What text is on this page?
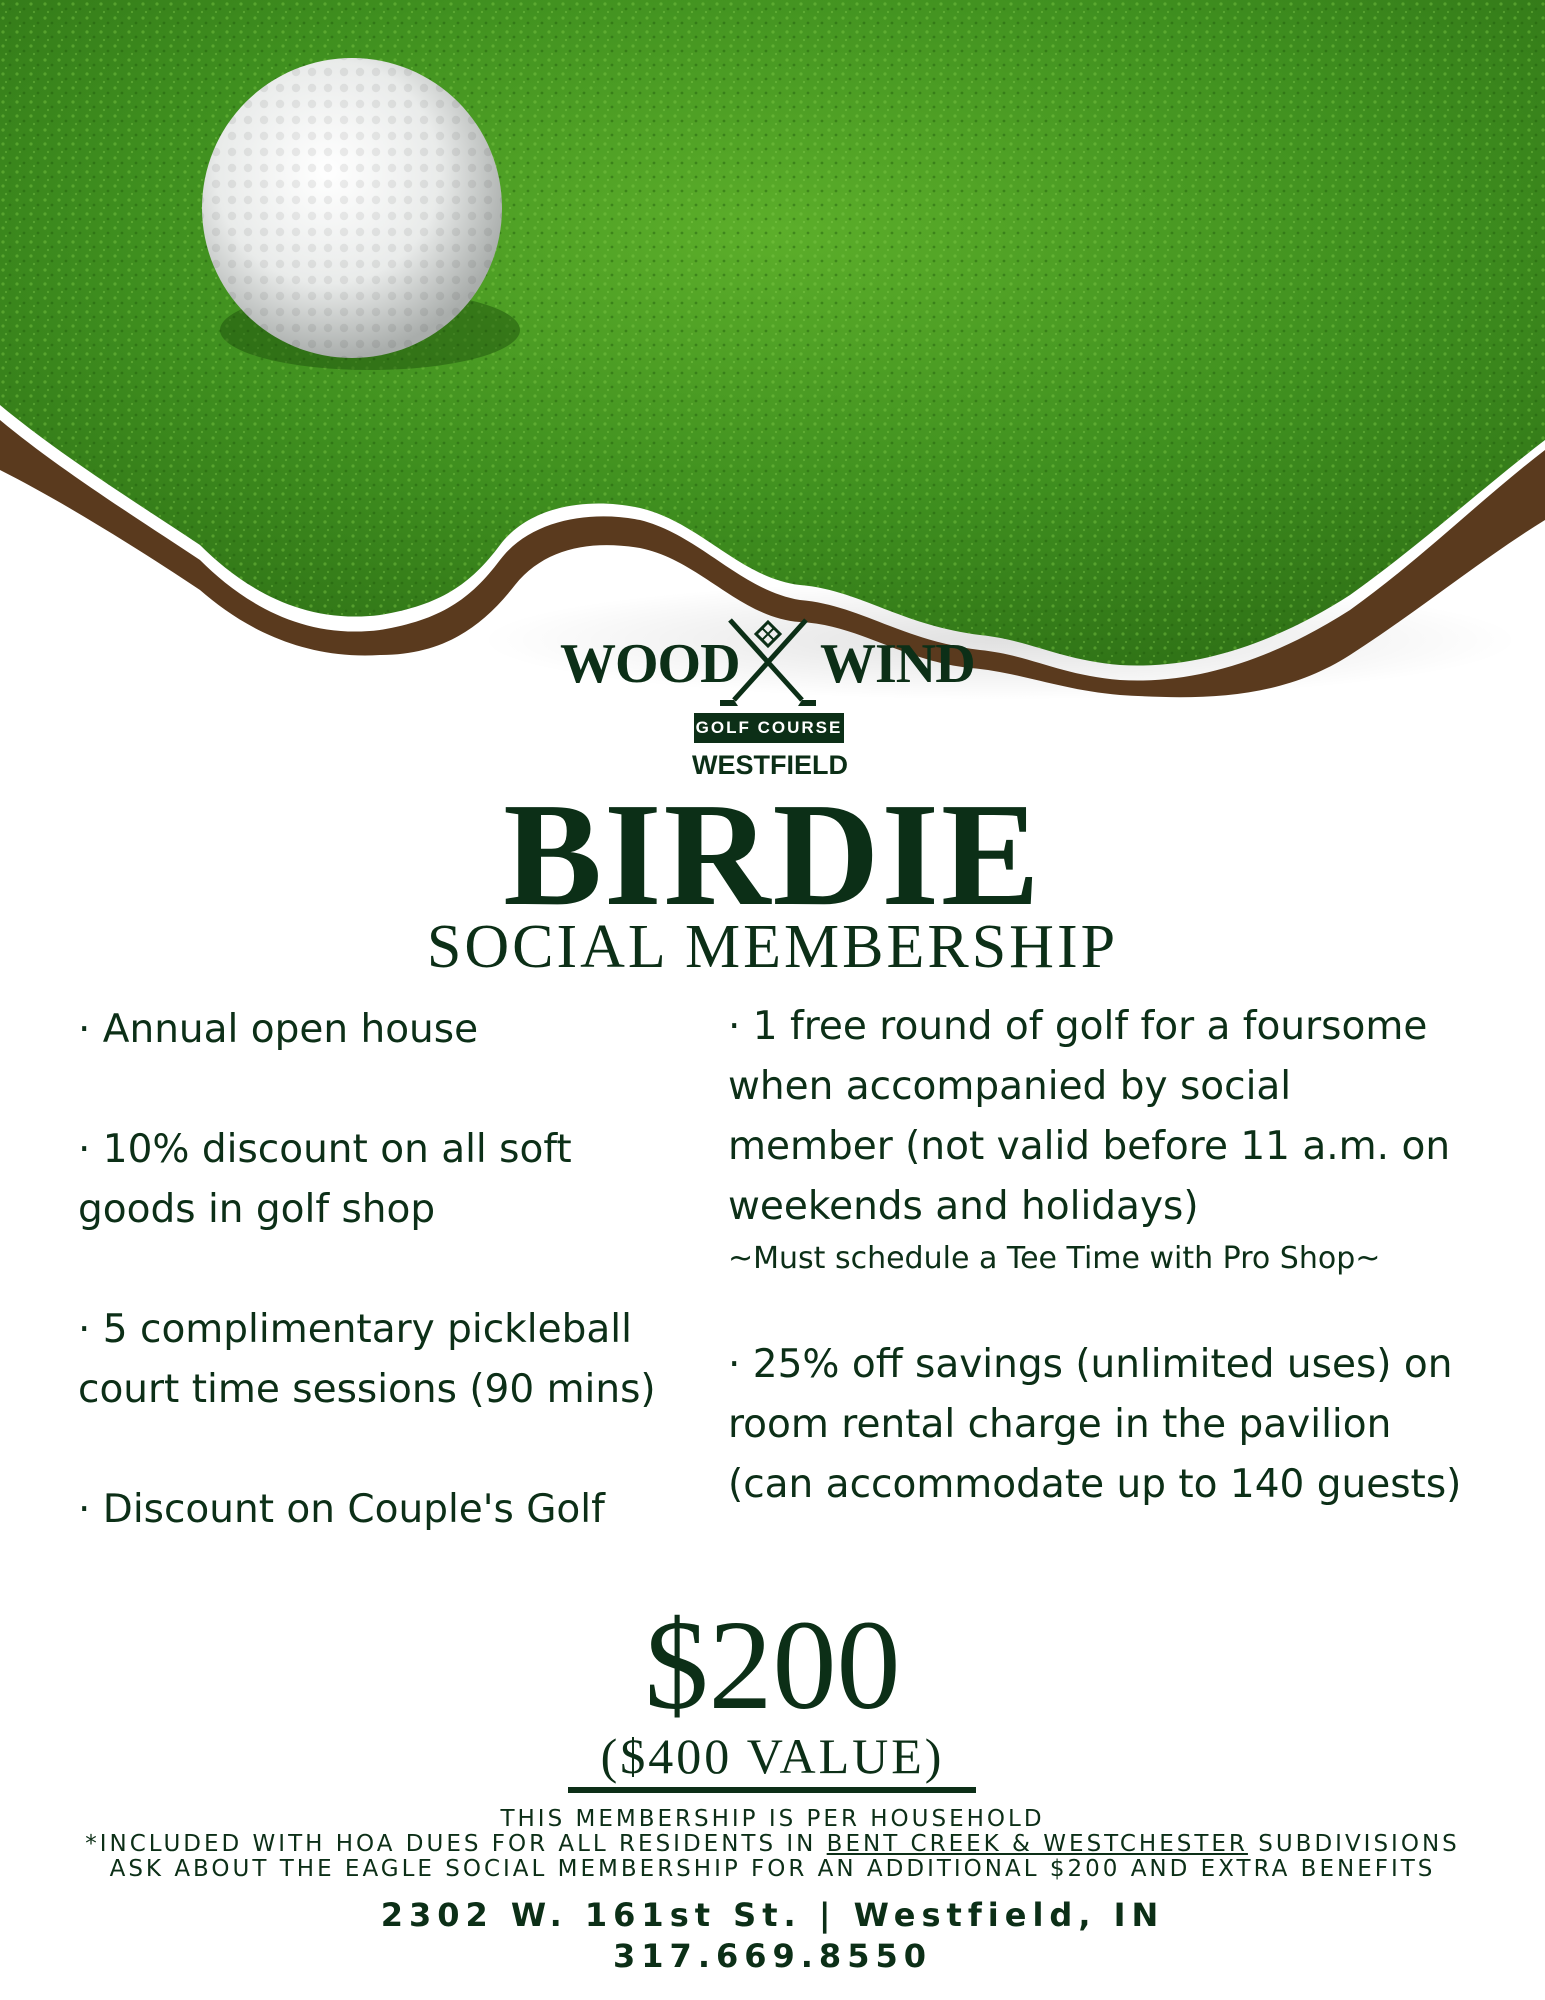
WOOD WIND
GOLF COURSE
WESTFIELD
BIRDIE
SOCIAL MEMBERSHIP

· Annual open house

· 10% discount on all soft goods in golf shop

· 5 complimentary pickleball court time sessions (90 mins)

· Discount on Couple's Golf

· 1 free round of golf for a foursome when accompanied by social member (not valid before 11 a.m. on weekends and holidays)

~Must schedule a Tee Time with Pro Shop~

· 25% off savings (unlimited uses) on room rental charge in the pavilion (can accommodate up to 140 guests)

$200
($400 VALUE)
THIS MEMBERSHIP IS PER HOUSEHOLD
*INCLUDED WITH HOA DUES FOR ALL RESIDENTS IN BENT CREEK & WESTCHESTER SUBDIVISIONS
ASK ABOUT THE EAGLE SOCIAL MEMBERSHIP FOR AN ADDITIONAL $200 AND EXTRA BENEFITS
2302 W. 161st St. | Westfield, IN
317.669.8550
